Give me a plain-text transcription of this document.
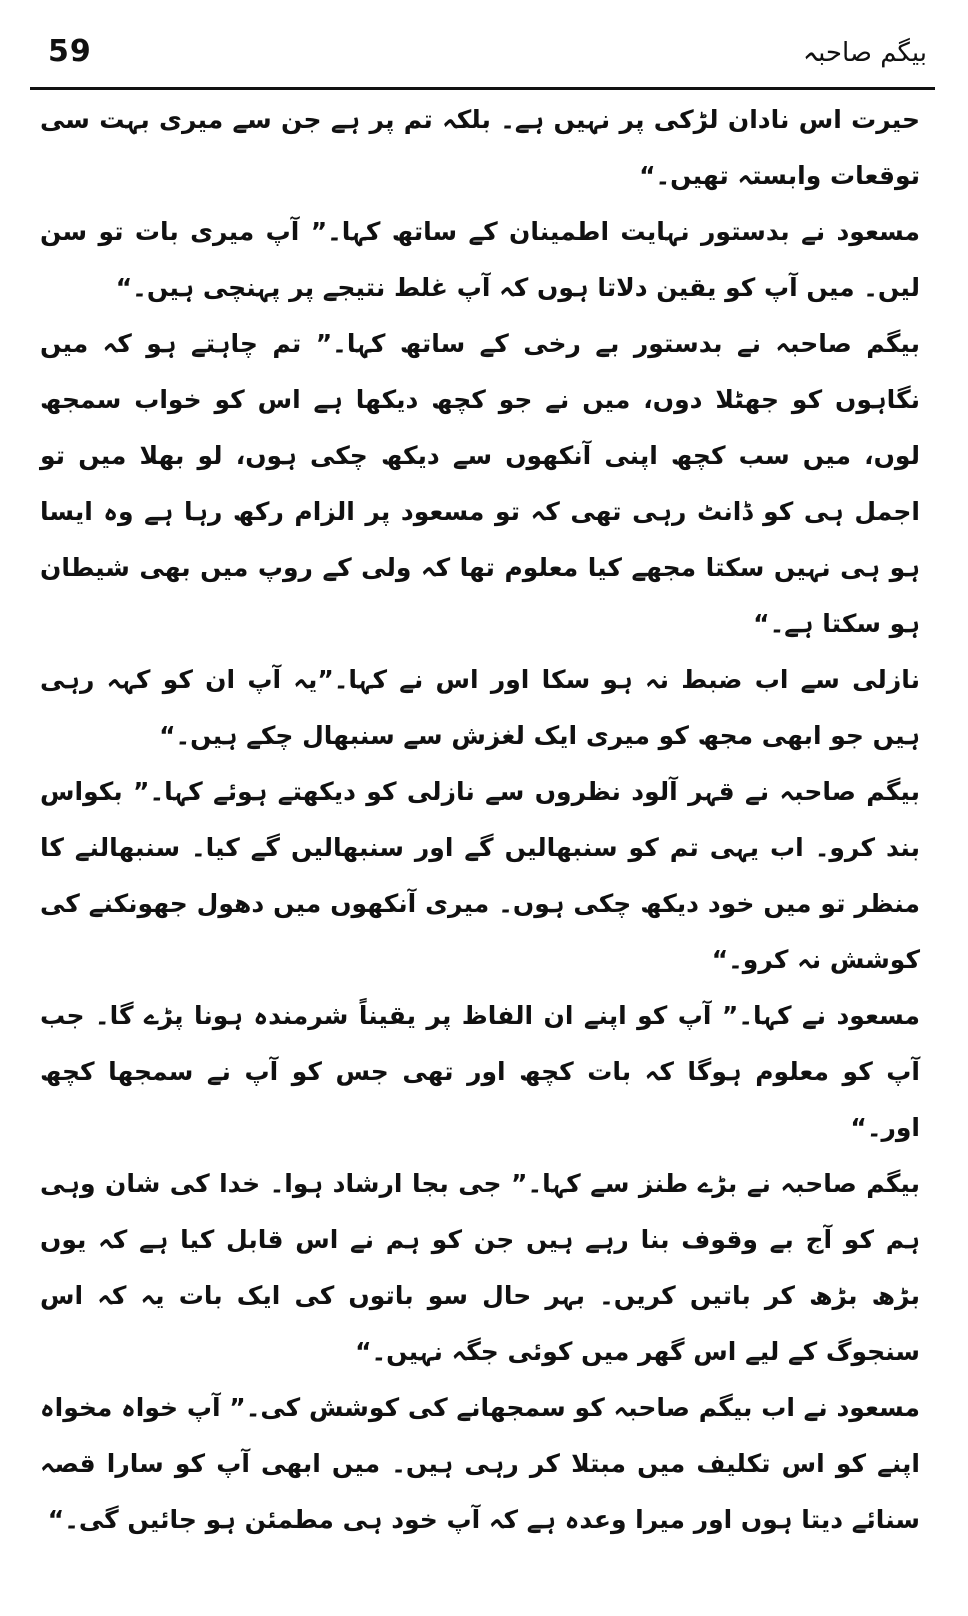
59	بیگم صاحبہ

حیرت اس نادان لڑکی پر نہیں ہے۔ بلکہ تم پر ہے جن سے میری بہت سی توقعات وابستہ تھیں۔“

مسعود نے بدستور نہایت اطمینان کے ساتھ کہا۔” آپ میری بات تو سن لیں۔ میں آپ کو یقین دلاتا ہوں کہ آپ غلط نتیجے پر پہنچی ہیں۔“

بیگم صاحبہ نے بدستور بے رخی کے ساتھ کہا۔” تم چاہتے ہو کہ میں نگاہوں کو جھٹلا دوں، میں نے جو کچھ دیکھا ہے اس کو خواب سمجھ لوں، میں سب کچھ اپنی آنکھوں سے دیکھ چکی ہوں، لو بھلا میں تو اجمل ہی کو ڈانٹ رہی تھی کہ تو مسعود پر الزام رکھ رہا ہے وہ ایسا ہو ہی نہیں سکتا مجھے کیا معلوم تھا کہ ولی کے روپ میں بھی شیطان ہو سکتا ہے۔“

نازلی سے اب ضبط نہ ہو سکا اور اس نے کہا۔”یہ آپ ان کو کہہ رہی ہیں جو ابھی مجھ کو میری ایک لغزش سے سنبھال چکے ہیں۔“

بیگم صاحبہ نے قہر آلود نظروں سے نازلی کو دیکھتے ہوئے کہا۔” بکواس بند کرو۔ اب یہی تم کو سنبھالیں گے اور سنبھالیں گے کیا۔ سنبھالنے کا منظر تو میں خود دیکھ چکی ہوں۔ میری آنکھوں میں دھول جھونکنے کی کوشش نہ کرو۔“

مسعود نے کہا۔” آپ کو اپنے ان الفاظ پر یقیناً شرمندہ ہونا پڑے گا۔ جب آپ کو معلوم ہوگا کہ بات کچھ اور تھی جس کو آپ نے سمجھا کچھ اور۔“

بیگم صاحبہ نے بڑے طنز سے کہا۔” جی بجا ارشاد ہوا۔ خدا کی شان وہی ہم کو آج بے وقوف بنا رہے ہیں جن کو ہم نے اس قابل کیا ہے کہ یوں بڑھ بڑھ کر باتیں کریں۔ بہر حال سو باتوں کی ایک بات یہ کہ اس سنجوگ کے لیے اس گھر میں کوئی جگہ نہیں۔“

مسعود نے اب بیگم صاحبہ کو سمجھانے کی کوشش کی۔” آپ خواہ مخواہ اپنے کو اس تکلیف میں مبتلا کر رہی ہیں۔ میں ابھی آپ کو سارا قصہ سنائے دیتا ہوں اور میرا وعدہ ہے کہ آپ خود ہی مطمئن ہو جائیں گی۔“
